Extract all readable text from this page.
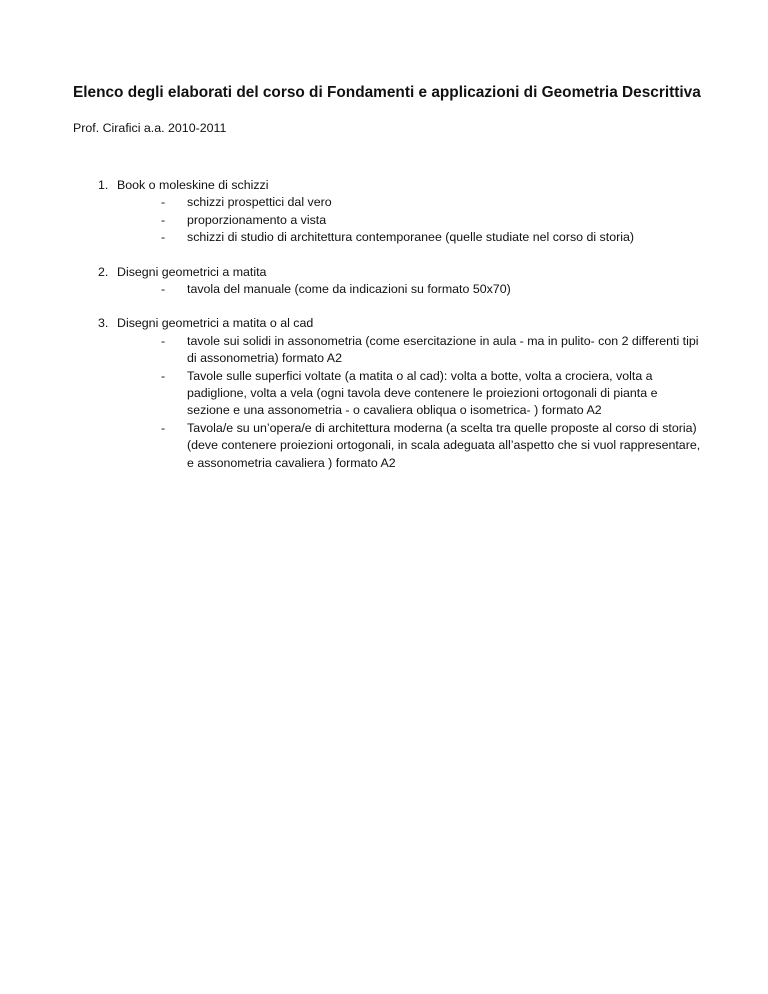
Elenco degli elaborati del corso di Fondamenti e applicazioni di Geometria Descrittiva

Prof. Cirafici a.a. 2010-2011

1. Book o moleskine di schizzi
- schizzi prospettici dal vero
- proporzionamento a vista
- schizzi di studio di architettura contemporanee (quelle studiate nel corso di storia)
2. Disegni geometrici a matita
- tavola del manuale (come da indicazioni su formato 50x70)
3. Disegni geometrici a matita o al cad
- tavole sui solidi in assonometria (come esercitazione in aula - ma in pulito- con 2 differenti tipi di assonometria) formato A2
- Tavole sulle superfici voltate (a matita o al cad): volta a botte, volta a crociera, volta a padiglione, volta a vela (ogni tavola deve contenere le proiezioni ortogonali di pianta e sezione e una assonometria - o cavaliera obliqua o isometrica- ) formato A2
- Tavola/e su un’opera/e di architettura moderna (a scelta tra quelle proposte al corso di storia)
(deve contenere proiezioni ortogonali, in scala adeguata all’aspetto che si vuol rappresentare, e assonometria cavaliera ) formato A2
